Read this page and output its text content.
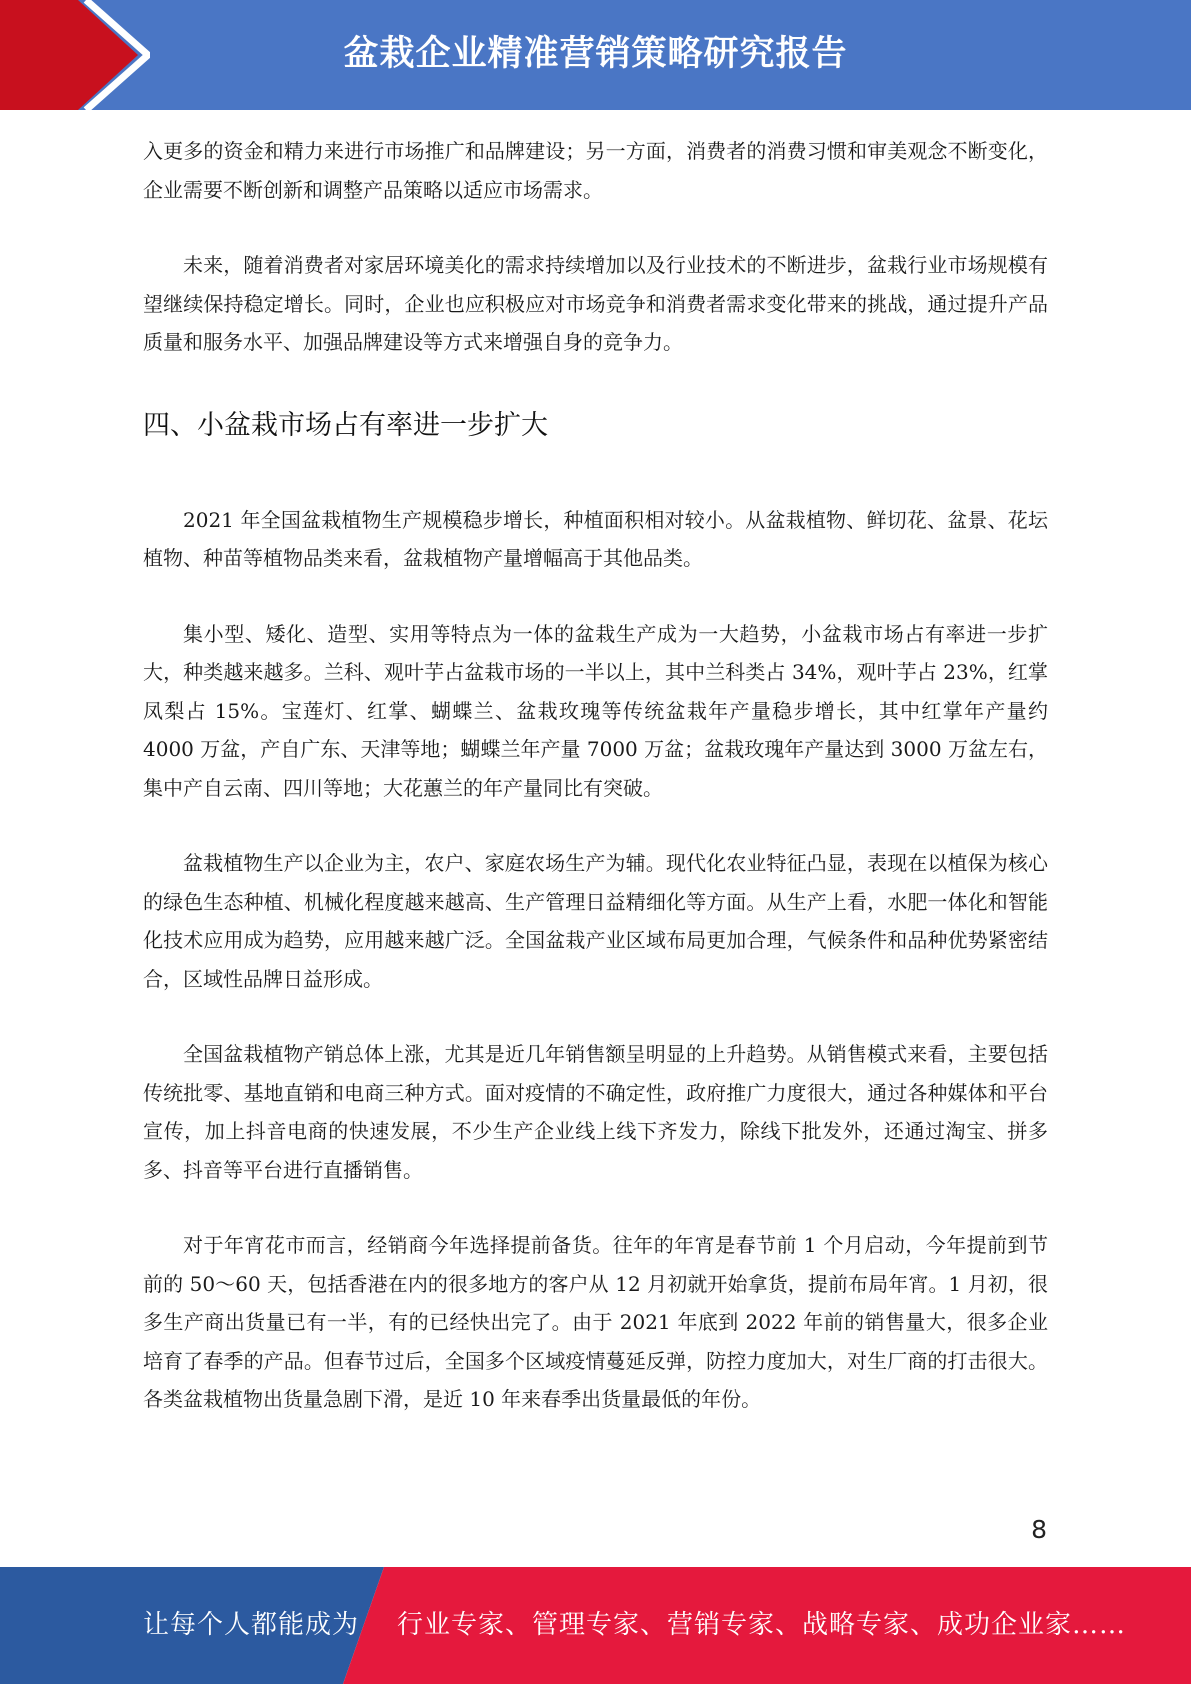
盆栽企业精准营销策略研究报告

入更多的资金和精力来进行市场推广和品牌建设；另一方面，消费者的消费习惯和审美观念不断变化，企业需要不断创新和调整产品策略以适应市场需求。

未来，随着消费者对家居环境美化的需求持续增加以及行业技术的不断进步，盆栽行业市场规模有望继续保持稳定增长。同时，企业也应积极应对市场竞争和消费者需求变化带来的挑战，通过提升产品质量和服务水平、加强品牌建设等方式来增强自身的竞争力。

四、小盆栽市场占有率进一步扩大

2021 年全国盆栽植物生产规模稳步增长，种植面积相对较小。从盆栽植物、鲜切花、盆景、花坛植物、种苗等植物品类来看，盆栽植物产量增幅高于其他品类。

集小型、矮化、造型、实用等特点为一体的盆栽生产成为一大趋势，小盆栽市场占有率进一步扩大，种类越来越多。兰科、观叶芋占盆栽市场的一半以上，其中兰科类占 34%，观叶芋占 23%，红掌凤梨占 15%。宝莲灯、红掌、蝴蝶兰、盆栽玫瑰等传统盆栽年产量稳步增长，其中红掌年产量约 4000 万盆，产自广东、天津等地；蝴蝶兰年产量 7000 万盆；盆栽玫瑰年产量达到 3000 万盆左右，集中产自云南、四川等地；大花蕙兰的年产量同比有突破。

盆栽植物生产以企业为主，农户、家庭农场生产为辅。现代化农业特征凸显，表现在以植保为核心的绿色生态种植、机械化程度越来越高、生产管理日益精细化等方面。从生产上看，水肥一体化和智能化技术应用成为趋势，应用越来越广泛。全国盆栽产业区域布局更加合理，气候条件和品种优势紧密结合，区域性品牌日益形成。

全国盆栽植物产销总体上涨，尤其是近几年销售额呈明显的上升趋势。从销售模式来看，主要包括传统批零、基地直销和电商三种方式。面对疫情的不确定性，政府推广力度很大，通过各种媒体和平台宣传，加上抖音电商的快速发展，不少生产企业线上线下齐发力，除线下批发外，还通过淘宝、拼多多、抖音等平台进行直播销售。

对于年宵花市而言，经销商今年选择提前备货。往年的年宵是春节前 1 个月启动，今年提前到节前的 50～60 天，包括香港在内的很多地方的客户从 12 月初就开始拿货，提前布局年宵。1 月初，很多生产商出货量已有一半，有的已经快出完了。由于 2021 年底到 2022 年前的销售量大，很多企业培育了春季的产品。但春节过后，全国多个区域疫情蔓延反弹，防控力度加大，对生厂商的打击很大。各类盆栽植物出货量急剧下滑，是近 10 年来春季出货量最低的年份。

8
让每个人都能成为 行业专家、管理专家、营销专家、战略专家、成功企业家……
